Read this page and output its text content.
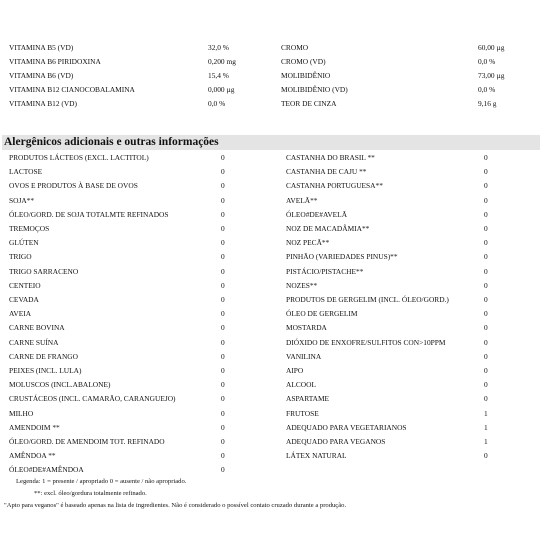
VITAMINA B5 (VD)	32,0 %	CROMO	60,00 µg
VITAMINA B6 PIRIDOXINA	0,200 mg	CROMO (VD)	0,0 %
VITAMINA B6 (VD)	15,4 %	MOLIBIDÊNIO	73,00 µg
VITAMINA B12 CIANOCOBALAMINA	0,000 µg	MOLIBIDÊNIO (VD)	0,0 %
VITAMINA B12 (VD)	0,0 %	TEOR DE CINZA	9,16 g
Alergênicos adicionais e outras informações
PRODUTOS LÁCTEOS (EXCL. LACTITOL)	0	CASTANHA DO BRASIL **	0
LACTOSE	0	CASTANHA DE CAJU **	0
OVOS E PRODUTOS À BASE DE OVOS	0	CASTANHA PORTUGUESA**	0
SOJA**	0	AVELÃ**	0
ÓLEO/GORD. DE SOJA TOTALMTE REFINADOS	0	ÓLEO#DE#AVELÃ	0
TREMOÇOS	0	NOZ DE MACADÂMIA**	0
GLÚTEN	0	NOZ PECÃ**	0
TRIGO	0	PINHÃO (VARIEDADES PINUS)**	0
TRIGO SARRACENO	0	PISTÁCIO/PISTACHE**	0
CENTEIO	0	NOZES**	0
CEVADA	0	PRODUTOS DE GERGELIM (INCL. ÓLEO/GORD.)	0
AVEIA	0	ÓLEO DE GERGELIM	0
CARNE BOVINA	0	MOSTARDA	0
CARNE SUÍNA	0	DIÓXIDO DE ENXOFRE/SULFITOS CON>10PPM	0
CARNE DE FRANGO	0	VANILINA	0
PEIXES (INCL. LULA)	0	AIPO	0
MOLUSCOS (INCL.ABALONE)	0	ALCOOL	0
CRUSTÁCEOS (INCL. CAMARÃO, CARANGUEJO)	0	ASPARTAME	0
MILHO	0	FRUTOSE	1
AMENDOIM **	0	ADEQUADO PARA VEGETARIANOS	1
ÓLEO/GORD. DE AMENDOIM TOT. REFINADO	0	ADEQUADO PARA VEGANOS	1
AMÊNDOA **	0	LÁTEX NATURAL	0
ÓLEO#DE#AMÊNDOA	0
Legenda: 1 = presente / apropriado 0 = ausente / não apropriado.
**: excl. óleo/gordura totalmente refinado.
"Apto para veganos" é baseado apenas na lista de ingredientes. Não é considerado o possível contato cruzado durante a produção.
